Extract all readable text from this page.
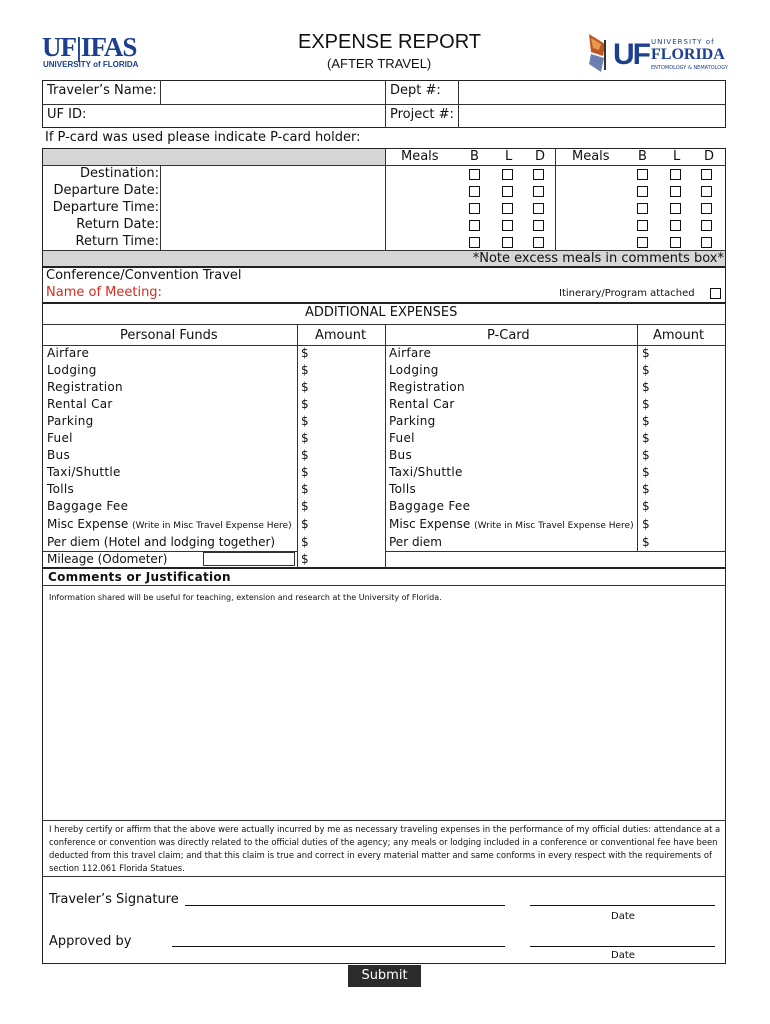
UF|IFAS
UNIVERSITY of FLORIDA
EXPENSE REPORT
(AFTER TRAVEL)	UF UNIVERSITY of
FLORIDA
ENTOMOLOGY & NEMATOLOGY
Traveler’s Name:	Dept #:
UF ID:	Project #:
If P-card was used please indicate P-card holder:
Destination:
Departure Date:
Departure Time:
Return Date:
Return Time:
Meals B L D Meals B L D
*Note excess meals in comments box*
Conference/Convention Travel
Name of Meeting:	Itinerary/Program attached
ADDITIONAL EXPENSES
Personal Funds	Amount	P-Card	Amount
Airfare	$	Airfare	$
Lodging	$	Lodging	$
Registration	$	Registration	$
Rental Car	$	Rental Car	$
Parking	$	Parking	$
Fuel	$	Fuel	$
Bus	$	Bus	$
Taxi/Shuttle	$	Taxi/Shuttle	$
Tolls	$	Tolls	$
Baggage Fee	$	Baggage Fee	$
Misc Expense (Write in Misc Travel Expense Here) $	Misc Expense (Write in Misc Travel Expense Here) $
Per diem (Hotel and lodging together) $	Per diem	$
Mileage (Odometer)	$
Comments or Justification
Information shared will be useful for teaching, extension and research at the University of Florida.
I hereby certify or affirm that the above were actually incurred by me as necessary traveling expenses in the performance of my official duties: attendance at a conference or convention was directly related to the official duties of the agency; any meals or lodging included in a conference or conventional fee have been deducted from this travel claim; and that this claim is true and correct in every material matter and same conforms in every respect with the requirements of section 112.061 Florida Statues.
Traveler’s Signature
Date
Approved by
Date
Submit
